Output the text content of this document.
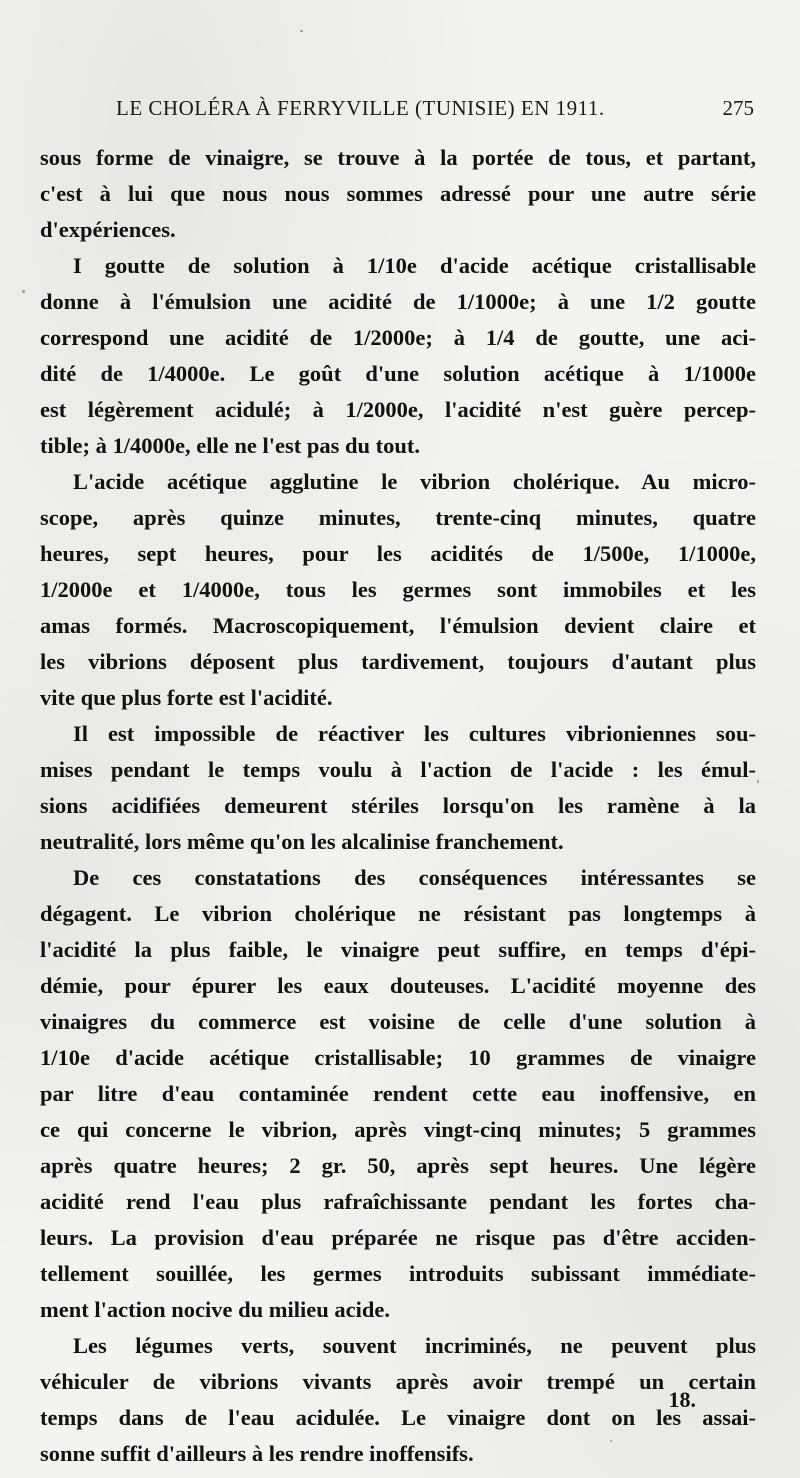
LE CHOLÉRA À FERRYVILLE (TUNISIE) EN 1911.	275
sous forme de vinaigre, se trouve à la portée de tous, et partant,
c'est à lui que nous nous sommes adressé pour une autre série
d'expériences.
I goutte de solution à 1/10e d'acide acétique cristallisable
donne à l'émulsion une acidité de 1/1000e; à une 1/2 goutte
correspond une acidité de 1/2000e; à 1/4 de goutte, une aci-
dité de 1/4000e. Le goût d'une solution acétique à 1/1000e
est légèrement acidulé; à 1/2000e, l'acidité n'est guère percep-
tible; à 1/4000e, elle ne l'est pas du tout.
L'acide acétique agglutine le vibrion cholérique. Au micro-
scope, après quinze minutes, trente-cinq minutes, quatre
heures, sept heures, pour les acidités de 1/500e, 1/1000e,
1/2000e et 1/4000e, tous les germes sont immobiles et les
amas formés. Macroscopiquement, l'émulsion devient claire et
les vibrions déposent plus tardivement, toujours d'autant plus
vite que plus forte est l'acidité.
Il est impossible de réactiver les cultures vibrioniennes sou-
mises pendant le temps voulu à l'action de l'acide : les émul-
sions acidifiées demeurent stériles lorsqu'on les ramène à la
neutralité, lors même qu'on les alcalinise franchement.
De ces constatations des conséquences intéressantes se
dégagent. Le vibrion cholérique ne résistant pas longtemps à
l'acidité la plus faible, le vinaigre peut suffire, en temps d'épi-
démie, pour épurer les eaux douteuses. L'acidité moyenne des
vinaigres du commerce est voisine de celle d'une solution à
1/10e d'acide acétique cristallisable; 10 grammes de vinaigre
par litre d'eau contaminée rendent cette eau inoffensive, en
ce qui concerne le vibrion, après vingt-cinq minutes; 5 grammes
après quatre heures; 2 gr. 50, après sept heures. Une légère
acidité rend l'eau plus rafraîchissante pendant les fortes cha-
leurs. La provision d'eau préparée ne risque pas d'être acciden-
tellement souillée, les germes introduits subissant immédiate-
ment l'action nocive du milieu acide.
Les légumes verts, souvent incriminés, ne peuvent plus
véhiculer de vibrions vivants après avoir trempé un certain
temps dans de l'eau acidulée. Le vinaigre dont on les assai-
sonne suffit d'ailleurs à les rendre inoffensifs.
18.
